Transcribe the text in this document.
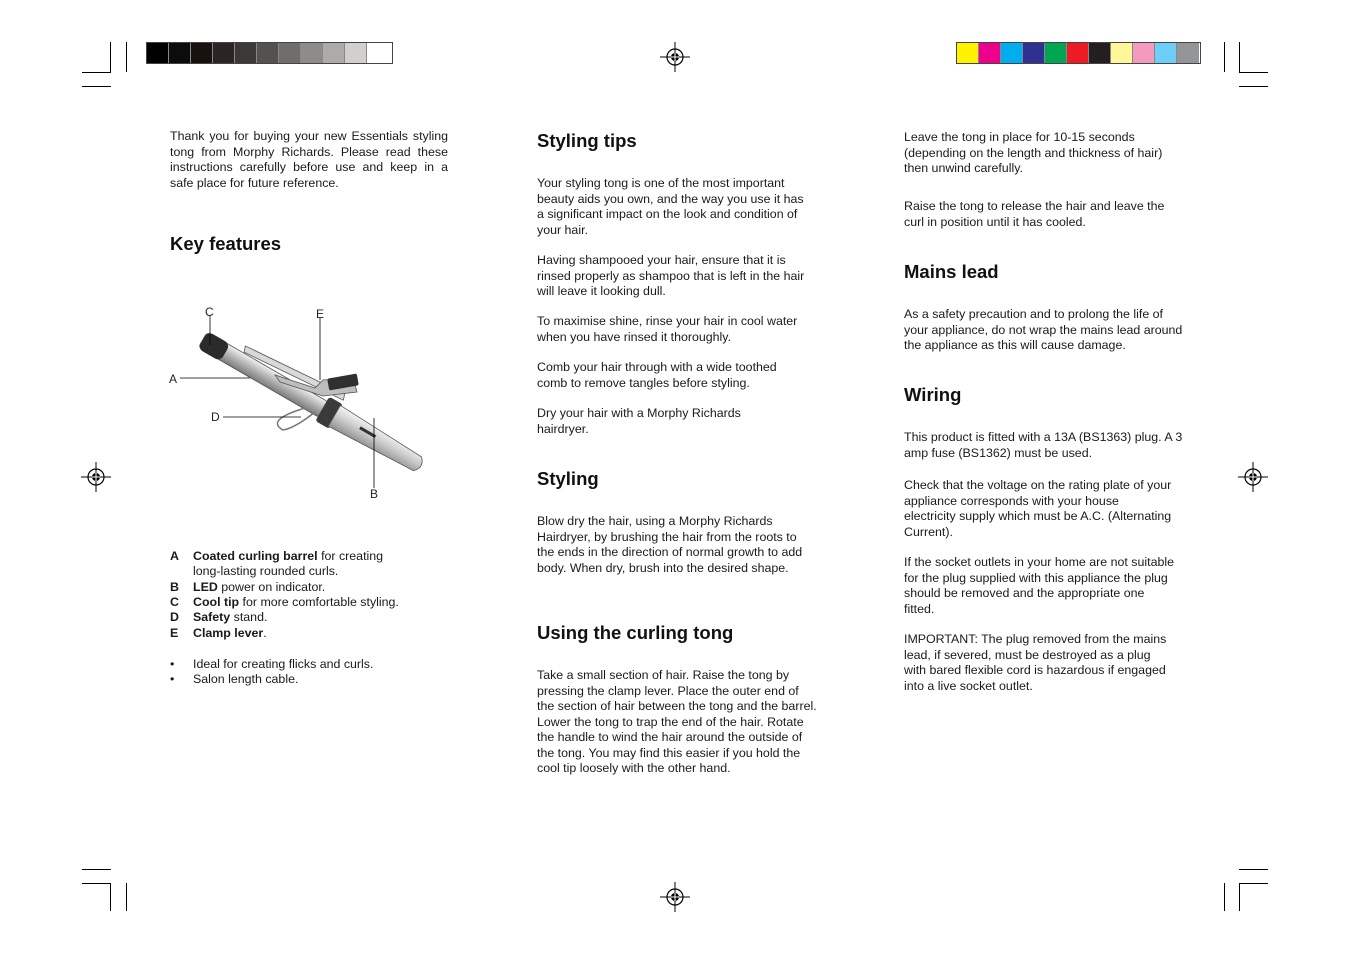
Thank you for buying your new Essentials styling tong from Morphy Richards. Please read these instructions carefully before use and keep in a safe place for future reference.

Key features
C	E
A
D
B
A Coated curling barrel for creating
long-lasting rounded curls.
B LED power on indicator.
C Cool tip for more comfortable styling.
D Safety stand.
E Clamp lever.
• Ideal for creating flicks and curls.
• Salon length cable.
Styling tips

Your styling tong is one of the most important beauty aids you own, and the way you use it has a significant impact on the look and condition of your hair.

Having shampooed your hair, ensure that it is rinsed properly as shampoo that is left in the hair will leave it looking dull.

To maximise shine, rinse your hair in cool water when you have rinsed it thoroughly.

Comb your hair through with a wide toothed comb to remove tangles before styling.

Dry your hair with a Morphy Richards hairdryer.

Styling

Blow dry the hair, using a Morphy Richards Hairdryer, by brushing the hair from the roots to the ends in the direction of normal growth to add body. When dry, brush into the desired shape.

Using the curling tong

Take a small section of hair. Raise the tong by pressing the clamp lever. Place the outer end of the section of hair between the tong and the barrel. Lower the tong to trap the end of the hair. Rotate the handle to wind the hair around the outside of the tong. You may find this easier if you hold the cool tip loosely with the other hand.

Leave the tong in place for 10-15 seconds (depending on the length and thickness of hair) then unwind carefully.

Raise the tong to release the hair and leave the curl in position until it has cooled.

Mains lead

As a safety precaution and to prolong the life of your appliance, do not wrap the mains lead around the appliance as this will cause damage.

Wiring

This product is fitted with a 13A (BS1363) plug. A 3 amp fuse (BS1362) must be used.

Check that the voltage on the rating plate of your appliance corresponds with your house electricity supply which must be A.C. (Alternating Current).

If the socket outlets in your home are not suitable for the plug supplied with this appliance the plug should be removed and the appropriate one fitted.

IMPORTANT: The plug removed from the mains lead, if severed, must be destroyed as a plug with bared flexible cord is hazardous if engaged into a live socket outlet.
